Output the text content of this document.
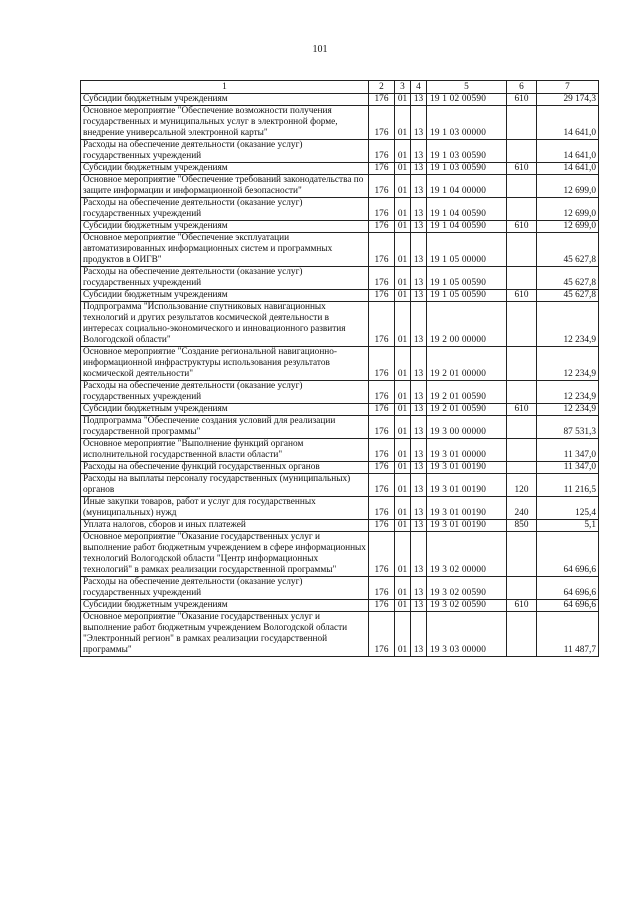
101
1	2	3	4	5	6	7
Субсидии бюджетным учреждениям	176	01	13	19 1 02 00590	610	29 174,3
Основное мероприятие "Обеспечение возможности получения государственных и муниципальных услуг в электронной форме, внедрение универсальной электронной карты"	176	01	13	19 1 03 00000		14 641,0
Расходы на обеспечение деятельности (оказание услуг) государственных учреждений	176	01	13	19 1 03 00590		14 641,0
Субсидии бюджетным учреждениям	176	01	13	19 1 03 00590	610	14 641,0
Основное мероприятие "Обеспечение требований законодательства по защите информации и информационной безопасности"	176	01	13	19 1 04 00000		12 699,0
Расходы на обеспечение деятельности (оказание услуг) государственных учреждений	176	01	13	19 1 04 00590		12 699,0
Субсидии бюджетным учреждениям	176	01	13	19 1 04 00590	610	12 699,0
Основное мероприятие "Обеспечение эксплуатации автоматизированных информационных систем и программных продуктов в ОИГВ"	176	01	13	19 1 05 00000		45 627,8
Расходы на обеспечение деятельности (оказание услуг) государственных учреждений	176	01	13	19 1 05 00590		45 627,8
Субсидии бюджетным учреждениям	176	01	13	19 1 05 00590	610	45 627,8
Подпрограмма "Использование спутниковых навигационных технологий и других результатов космической деятельности в интересах социально-экономического и инновационного развития Вологодской области"	176	01	13	19 2 00 00000		12 234,9
Основное мероприятие "Создание региональной навигационно-информационной инфраструктуры использования результатов космической деятельности"	176	01	13	19 2 01 00000		12 234,9
Расходы на обеспечение деятельности (оказание услуг) государственных учреждений	176	01	13	19 2 01 00590		12 234,9
Субсидии бюджетным учреждениям	176	01	13	19 2 01 00590	610	12 234,9
Подпрограмма "Обеспечение создания условий для реализации государственной программы"	176	01	13	19 3 00 00000		87 531,3
Основное мероприятие "Выполнение функций органом исполнительной государственной власти области"	176	01	13	19 3 01 00000		11 347,0
Расходы на обеспечение функций государственных органов	176	01	13	19 3 01 00190		11 347,0
Расходы на выплаты персоналу государственных (муниципальных) органов	176	01	13	19 3 01 00190	120	11 216,5
Иные закупки товаров, работ и услуг для государственных (муниципальных) нужд	176	01	13	19 3 01 00190	240	125,4
Уплата налогов, сборов и иных платежей	176	01	13	19 3 01 00190	850	5,1
Основное мероприятие "Оказание государственных услуг и выполнение работ бюджетным учреждением в сфере информационных технологий Вологодской области "Центр информационных технологий" в рамках реализации государственной программы"	176	01	13	19 3 02 00000		64 696,6
Расходы на обеспечение деятельности (оказание услуг) государственных учреждений	176	01	13	19 3 02 00590		64 696,6
Субсидии бюджетным учреждениям	176	01	13	19 3 02 00590	610	64 696,6
Основное мероприятие "Оказание государственных услуг и выполнение работ бюджетным учреждением Вологодской области "Электронный регион" в рамках реализации государственной программы"	176	01	13	19 3 03 00000		11 487,7
